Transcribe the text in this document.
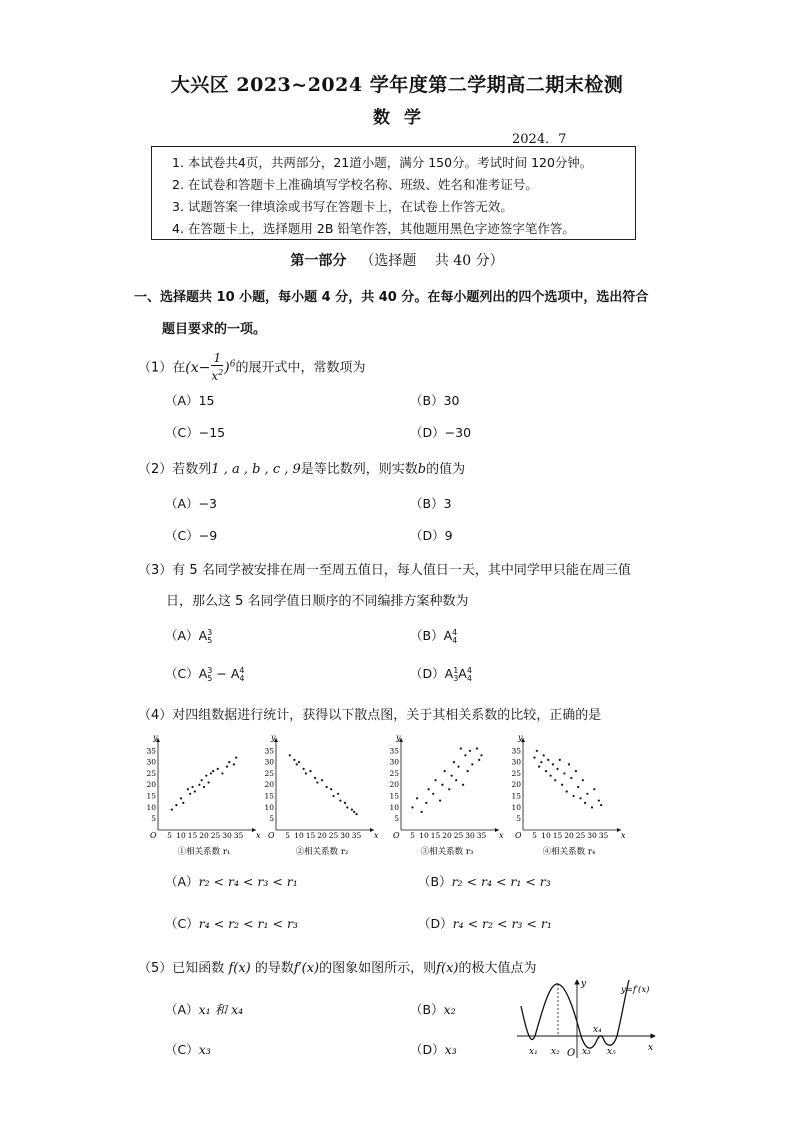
大兴区 2023~2024 学年度第二学期高二期末检测
数学
2024．7
1. 本试卷共4页，共两部分，21道小题，满分 150分。考试时间 120分钟。
2. 在试卷和答题卡上准确填写学校名称、班级、姓名和准考证号。
3. 试题答案一律填涂或书写在答题卡上，在试卷上作答无效。
4. 在答题卡上，选择题用 2B 铅笔作答，其他题用黑色字迹签字笔作答。
第一部分 （选择题　 共 40 分）
一、选择题共 10 小题，每小题 4 分，共 40 分。在每小题列出的四个选项中，选出符合
题目要求的一项。
（1）在$(x- \frac{1}{x^2} )^6$的展开式中，常数项为
（A）15	（B）30
（C）−15	（D）−30
（2）若数列1 , a , b , c , 9是等比数列，则实数b的值为
（A）−3	（B）3
（C）−9	（D）9
（3）有 5 名同学被安排在周一至周五值日，每人值日一天，其中同学甲只能在周三值
日，那么这 5 名同学值日顺序的不同编排方案种数为
（A）A 3
5	（B）A 4
4
（C）A 3
5 − A 4
4	（D）A 1
3 A 4
4
（4）对四组数据进行统计，获得以下散点图，关于其相关系数的比较，正确的是
5 10 15 20 25 30 35
5
10
15
20
25
30
35
O	x
y
①相关系数 r₁
5 10 15 20 25 30 35
5
10
15
20
25
30
35
O	x
y
②相关系数 r₂
5 10 15 20 25 30 35
5
10
15
20
25
30
35
O	x
y
③相关系数 r₃
5 10 15 20 25 30 35
5
10
15
20
25
30
35
O	x
y
④相关系数 r₄
（A）r₂ < r₄ < r₃ < r₁	（B）r₂ < r₄ < r₁ < r₃
（C）r₄ < r₂ < r₁ < r₃	（D）r₄ < r₂ < r₃ < r₁
（5）已知函数 f(x) 的导数f′(x)的图象如图所示，则f(x)的极大值点为
（A）x₁ 和 x₄	（B）x₂
（C）x₃	（D）x₃
y=f′(x)
x
y
O
x₁ x₂ x₃
x₄
x₅
